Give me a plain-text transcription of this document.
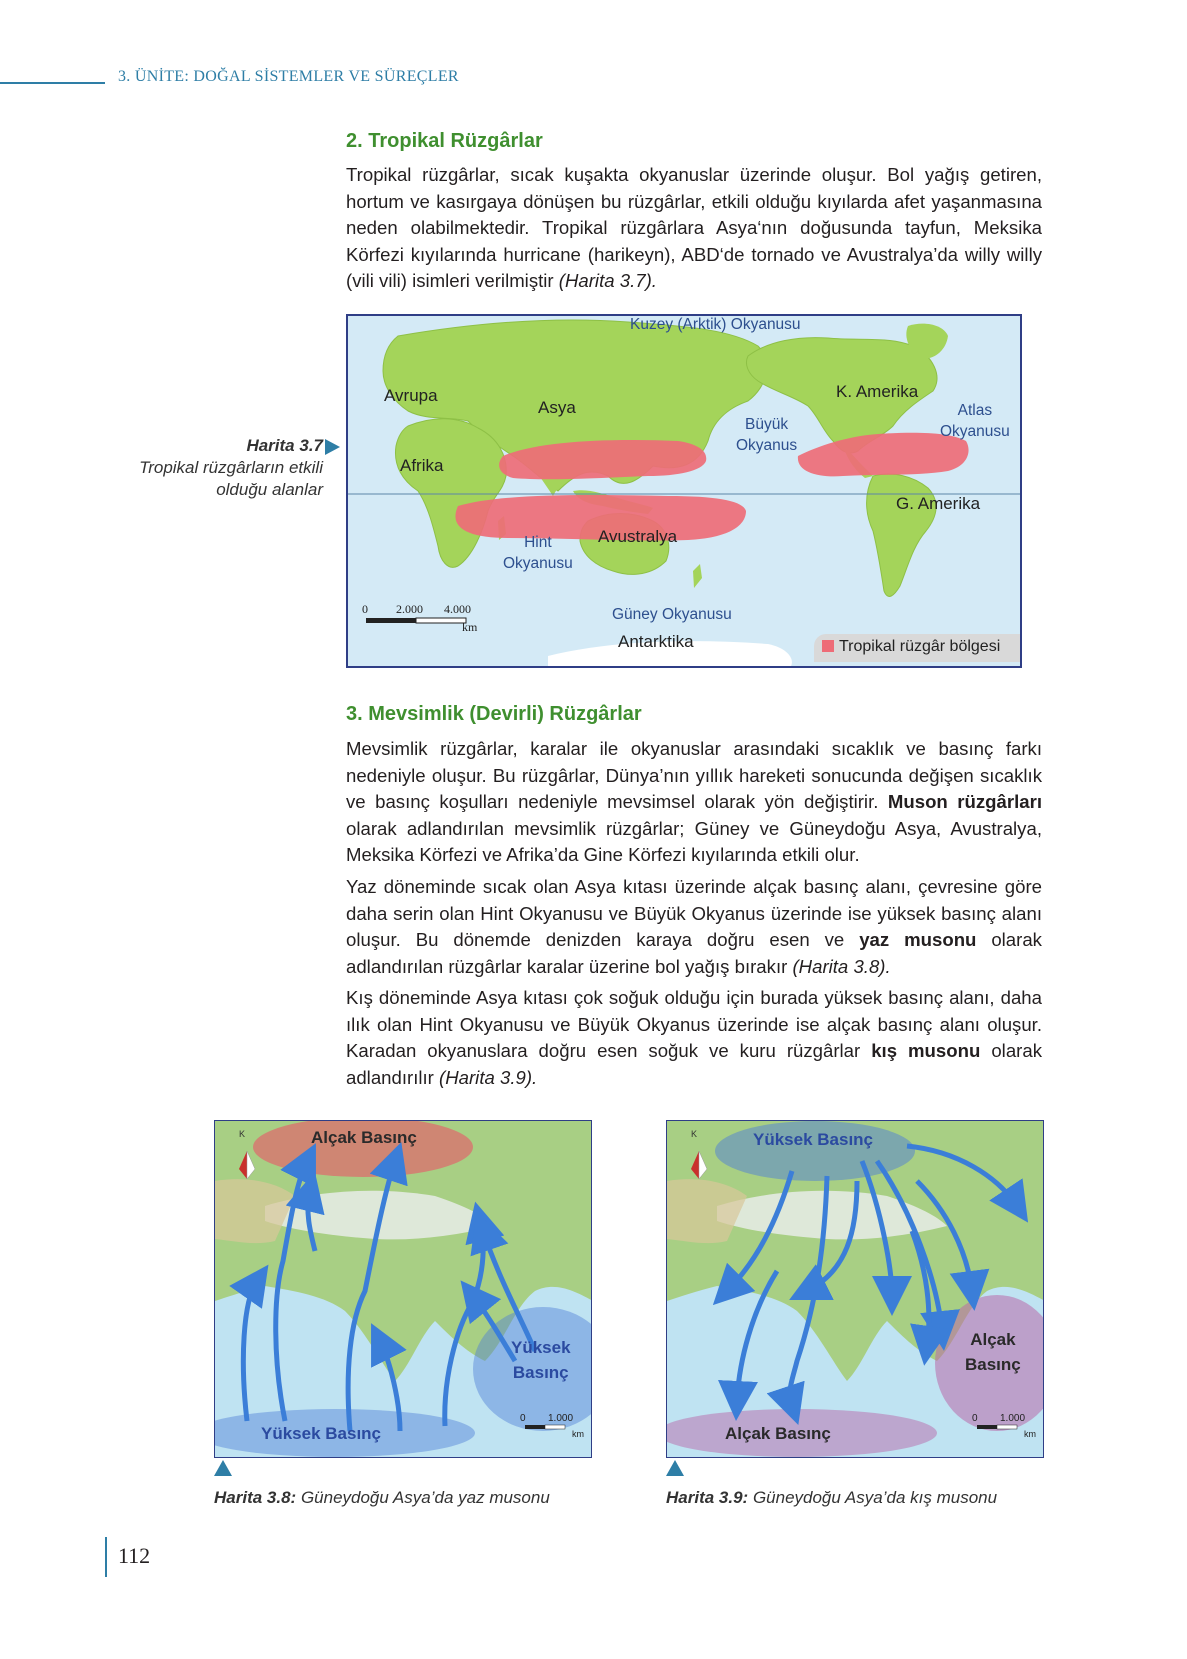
3. ÜNİTE: DOĞAL SİSTEMLER VE SÜREÇLER
2. Tropikal Rüzgârlar
Tropikal rüzgârlar, sıcak kuşakta okyanuslar üzerinde oluşur. Bol yağış getiren, hortum ve kasırgaya dönüşen bu rüzgârlar, etkili olduğu kıyılarda afet yaşanmasına neden olabilmektedir. Tropikal rüzgârlara Asya‘nın doğusunda tayfun, Meksika Körfezi kıyılarında hurricane (harikeyn), ABD‘de tornado ve Avustralya’da willy willy (vili vili) isimleri verilmiştir (Harita 3.7).
Harita 3.7
Tropikal rüzgârların etkili
olduğu alanlar
Kuzey (Arktik) Okyanusu
Avrupa
Asya
Afrika
Büyük
Okyanus
K. Amerika
Atlas
Okyanusu
G. Amerika
Hint
Okyanusu
Avustralya
Güney Okyanusu
Antarktika
0 2.000 4.000
km
Tropikal rüzgâr bölgesi
3. Mevsimlik (Devirli) Rüzgârlar
Mevsimlik rüzgârlar, karalar ile okyanuslar arasındaki sıcaklık ve basınç farkı nedeniyle oluşur. Bu rüzgârlar, Dünya’nın yıllık hareketi sonucunda değişen sıcaklık ve basınç koşulları nedeniyle mevsimsel olarak yön değiştirir. Muson rüzgârları olarak adlandırılan mevsimlik rüzgârlar; Güney ve Güneydoğu Asya, Avustralya, Meksika Körfezi ve Afrika’da Gine Körfezi kıyılarında etkili olur.
Yaz döneminde sıcak olan Asya kıtası üzerinde alçak basınç alanı, çevresine göre daha serin olan Hint Okyanusu ve Büyük Okyanus üzerinde ise yüksek basınç alanı oluşur. Bu dönemde denizden karaya doğru esen ve yaz musonu olarak adlandırılan rüzgârlar karalar üzerine bol yağış bırakır (Harita 3.8).
Kış döneminde Asya kıtası çok soğuk olduğu için burada yüksek basınç alanı, daha ılık olan Hint Okyanusu ve Büyük Okyanus üzerinde ise alçak basınç alanı oluşur. Karadan okyanuslara doğru esen soğuk ve kuru rüzgârlar kış musonu olarak adlandırılır (Harita 3.9).
K	Alçak Basınç
Yüksek
Basınç
Yüksek Basınç
0 1.000
km
Harita 3.8: Güneydoğu Asya’da yaz musonu
K	Yüksek Basınç
Alçak
Basınç
Alçak Basınç
0 1.000
km
Harita 3.9: Güneydoğu Asya’da kış musonu
112
